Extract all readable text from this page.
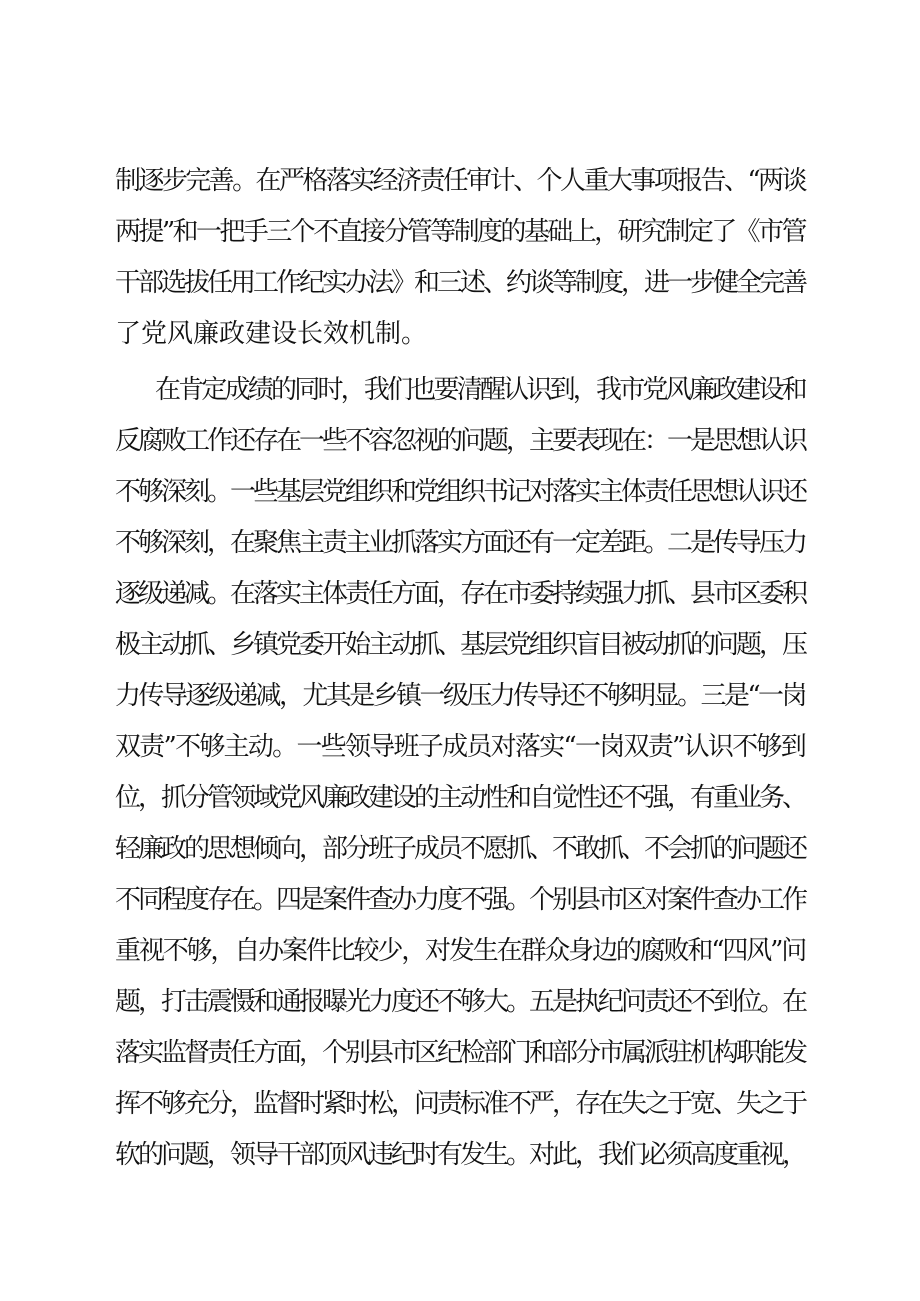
制逐步完善。在严格落实经济责任审计、个人重大事项报告、“两谈
两提”和一把手三个不直接分管等制度的基础上，研究制定了《市管
干部选拔任用工作纪实办法》和三述、约谈等制度，进一步健全完善
了党风廉政建设长效机制。
在肯定成绩的同时，我们也要清醒认识到，我市党风廉政建设和
反腐败工作还存在一些不容忽视的问题，主要表现在：一是思想认识
不够深刻。一些基层党组织和党组织书记对落实主体责任思想认识还
不够深刻，在聚焦主责主业抓落实方面还有一定差距。二是传导压力
逐级递减。在落实主体责任方面，存在市委持续强力抓、县市区委积
极主动抓、乡镇党委开始主动抓、基层党组织盲目被动抓的问题，压
力传导逐级递减，尤其是乡镇一级压力传导还不够明显。三是“一岗
双责”不够主动。一些领导班子成员对落实“一岗双责”认识不够到
位，抓分管领域党风廉政建设的主动性和自觉性还不强，有重业务、
轻廉政的思想倾向，部分班子成员不愿抓、不敢抓、不会抓的问题还
不同程度存在。四是案件查办力度不强。个别县市区对案件查办工作
重视不够，自办案件比较少，对发生在群众身边的腐败和“四风”问
题，打击震慑和通报曝光力度还不够大。五是执纪问责还不到位。在
落实监督责任方面，个别县市区纪检部门和部分市属派驻机构职能发
挥不够充分，监督时紧时松，问责标准不严，存在失之于宽、失之于
软的问题，领导干部顶风违纪时有发生。对此，我们必须高度重视，
